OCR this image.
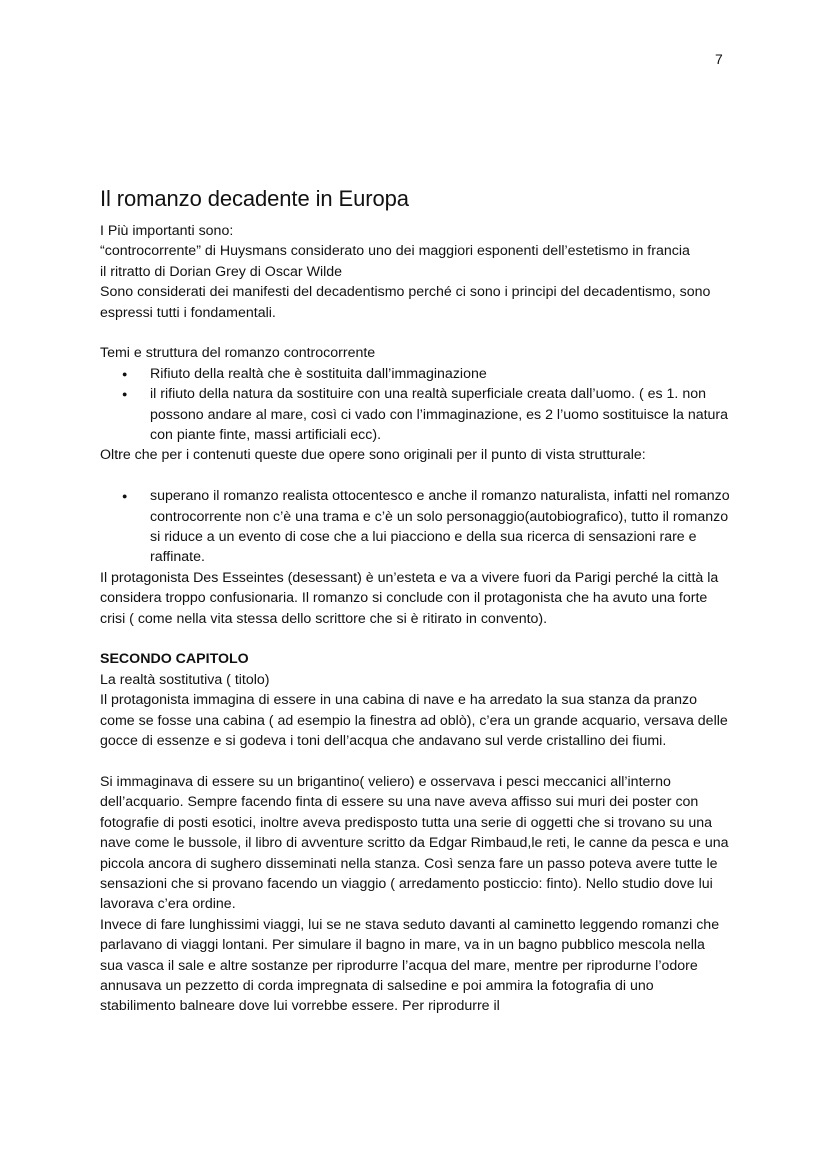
7
Il romanzo decadente in Europa

I Più importanti sono:

“controcorrente” di Huysmans considerato uno dei maggiori esponenti dell’estetismo in francia

il ritratto di Dorian Grey di Oscar Wilde

Sono considerati dei manifesti del decadentismo perché ci sono i principi del decadentismo, sono espressi tutti i fondamentali.

Temi e struttura del romanzo controcorrente

● Rifiuto della realtà che è sostituita dall’immaginazione
● il rifiuto della natura da sostituire con una realtà superficiale creata dall’uomo. ( es 1. non possono andare al mare, così ci vado con l’immaginazione, es 2 l’uomo sostituisce la natura con piante finte, massi artificiali ecc).

Oltre che per i contenuti queste due opere sono originali per il punto di vista strutturale:

● superano il romanzo realista ottocentesco e anche il romanzo naturalista, infatti nel romanzo controcorrente non c’è una trama e c’è un solo personaggio(autobiografico), tutto il romanzo si riduce a un evento di cose che a lui piacciono e della sua ricerca di sensazioni rare e raffinate.

Il protagonista Des Esseintes (desessant) è un’esteta e va a vivere fuori da Parigi perché la città la considera troppo confusionaria. Il romanzo si conclude con il protagonista che ha avuto una forte crisi ( come nella vita stessa dello scrittore che si è ritirato in convento).

SECONDO CAPITOLO

La realtà sostitutiva ( titolo)

Il protagonista immagina di essere in una cabina di nave e ha arredato la sua stanza da pranzo come se fosse una cabina ( ad esempio la finestra ad oblò), c’era un grande acquario, versava delle gocce di essenze e si godeva i toni dell’acqua che andavano sul verde cristallino dei fiumi.

Si immaginava di essere su un brigantino( veliero) e osservava i pesci meccanici all’interno dell’acquario. Sempre facendo finta di essere su una nave aveva affisso sui muri dei poster con fotografie di posti esotici, inoltre aveva predisposto tutta una serie di oggetti che si trovano su una nave come le bussole, il libro di avventure scritto da Edgar Rimbaud,le reti, le canne da pesca e una piccola ancora di sughero disseminati nella stanza. Così senza fare un passo poteva avere tutte le sensazioni che si provano facendo un viaggio ( arredamento posticcio: finto). Nello studio dove lui lavorava c’era ordine.

Invece di fare lunghissimi viaggi, lui se ne stava seduto davanti al caminetto leggendo romanzi che parlavano di viaggi lontani. Per simulare il bagno in mare, va in un bagno pubblico mescola nella sua vasca il sale e altre sostanze per riprodurre l’acqua del mare, mentre per riprodurne l’odore annusava un pezzetto di corda impregnata di salsedine e poi ammira la fotografia di uno stabilimento balneare dove lui vorrebbe essere. Per riprodurre il
